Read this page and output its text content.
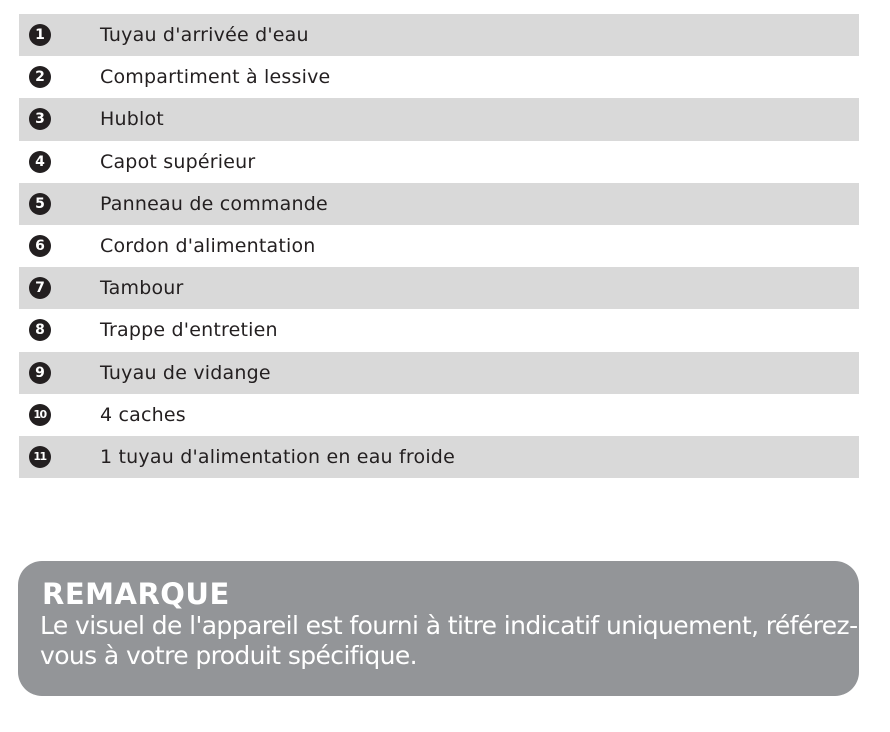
1	Tuyau d'arrivée d'eau
2	Compartiment à lessive
3	Hublot
4	Capot supérieur
5	Panneau de commande
6	Cordon d'alimentation
7	Tambour
8	Trappe d'entretien
9	Tuyau de vidange
10	4 caches
11	1 tuyau d'alimentation en eau froide
REMARQUE

Le visuel de l'appareil est fourni à titre indicatif uniquement, référez-vous à votre produit spécifique.
